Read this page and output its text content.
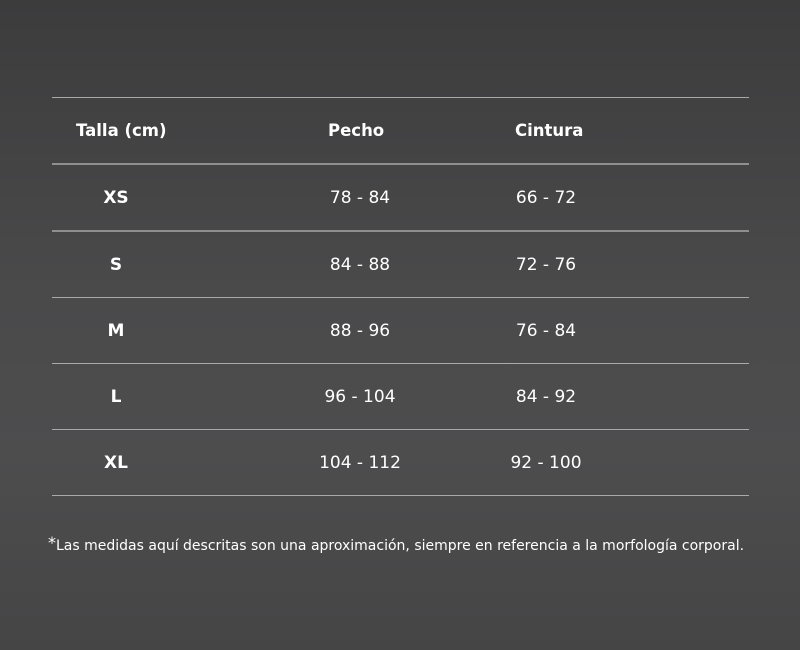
Talla (cm)	Pecho	Cintura
XS	78 - 84	66 - 72
S	84 - 88	72 - 76
M	88 - 96	76 - 84
L	96 - 104	84 - 92
XL	104 - 112	92 - 100
*Las medidas aquí descritas son una aproximación, siempre en referencia a la morfología corporal.
